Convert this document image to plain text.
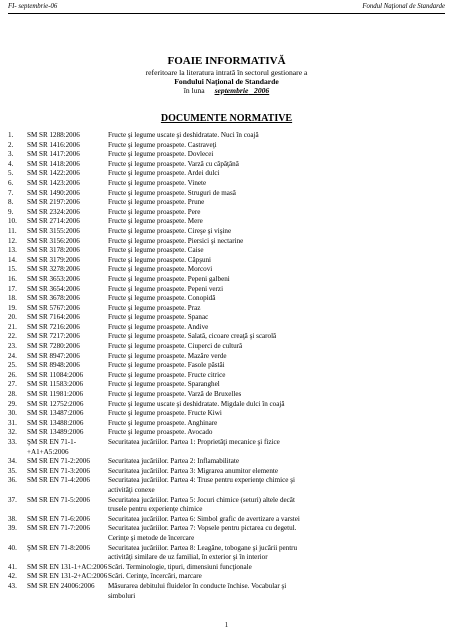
FI- septembrie-06	Fondul Naţional de Standarde
FOAIE INFORMATIVĂ
referitoare la literatura intrată în sectorul gestionare a
Fondului Naţional de Standarde
în luna septembrie 2006
DOCUMENTE NORMATIVE
1.	SM SR 1288:2006	Fructe şi legume uscate şi deshidratate. Nuci în coajă
2.	SM SR 1416:2006	Fructe şi legume proaspete. Castraveţi
3.	SM SR 1417:2006	Fructe şi legume proaspete. Dovlecei
4.	SM SR 1418:2006	Fructe şi legume proaspete. Varză cu căpăţână
5.	SM SR 1422:2006	Fructe şi legume proaspete. Ardei dulci
6.	SM SR 1423:2006	Fructe şi legume proaspete. Vinete
7.	SM SR 1490:2006	Fructe şi legume proaspete. Struguri de masă
8.	SM SR 2197:2006	Fructe şi legume proaspete. Prune
9.	SM SR 2324:2006	Fructe şi legume proaspete. Pere
10.	SM SR 2714:2006	Fructe şi legume proaspete. Mere
11.	SM SR 3155:2006	Fructe şi legume proaspete. Cireşe şi vişine
12.	SM SR 3156:2006	Fructe şi legume proaspete. Piersici şi nectarine
13.	SM SR 3178:2006	Fructe şi legume proaspete. Caise
14.	SM SR 3179:2006	Fructe şi legume proaspete. Căpşuni
15.	SM SR 3278:2006	Fructe şi legume proaspete. Morcovi
16.	SM SR 3653:2006	Fructe şi legume proaspete. Pepeni galbeni
17.	SM SR 3654:2006	Fructe şi legume proaspete. Pepeni verzi
18.	SM SR 3678:2006	Fructe şi legume proaspete. Conopidă
19.	SM SR 5767:2006	Fructe şi legume proaspete. Praz
20.	SM SR 7164:2006	Fructe şi legume proaspete. Spanac
21.	SM SR 7216:2006	Fructe şi legume proaspete. Andive
22.	SM SR 7217:2006	Fructe şi legume proaspete. Salată, cicoare creaţă şi scarolă
23.	SM SR 7280:2006	Fructe şi legume proaspete. Ciuperci de cultură
24.	SM SR 8947:2006	Fructe şi legume proaspete. Mazăre verde
25.	SM SR 8948:2006	Fructe şi legume proaspete. Fasole păstăi
26.	SM SR 11084:2006	Fructe şi legume proaspete. Fructe citrice
27.	SM SR 11583:2006	Fructe şi legume proaspete. Sparanghel
28.	SM SR 11981:2006	Fructe şi legume proaspete. Varză de Bruxelles
29.	SM SR 12752:2006	Fructe şi legume uscate şi deshidratate. Migdale dulci în coajă
30.	SM SR 13487:2006	Fructe şi legume proaspete. Fructe Kiwi
31.	SM SR 13488:2006	Fructe şi legume proaspete. Anghinare
32.	SM SR 13489:2006	Fructe şi legume proaspete. Avocado
33.	ŞM SR EN 71-1-	Securitatea jucăriilor. Partea 1: Proprietăţi mecanice şi fizice
+A1+A5:2006

34.	SM SR EN 71-2:2006	Securitatea jucăriilor. Partea 2: Inflamabilitate
35.	SM SR EN 71-3:2006	Securitatea jucăriilor. Partea 3: Migrarea anumitor elemente
36.	SM SR EN 71-4:2006	Securitatea jucăriilor. Partea 4: Truse pentru experienţe chimice şi
activităţi conexe
37.	SM SR EN 71-5:2006	Securitatea jucăriilor. Partea 5: Jocuri chimice (seturi) altele decât
trusele pentru experienţe chimice
38.	SM SR EN 71-6:2006	Securitatea jucăriilor. Partea 6: Simbol grafic de avertizare a varstei
39.	SM SR EN 71-7:2006	Securitatea jucăriilor. Partea 7: Vopsele pentru pictarea cu degetul.
Cerinţe şi metode de încercare
40.	ŞM SR EN 71-8:2006	Securitatea jucăriilor. Partea 8: Leagăne, tobogane şi jucării pentru
activităţi similare de uz familial, în exterior şi în interior
41.	SM SR EN 131-1+AC:2006 Scări. Terminologie, tipuri, dimensiuni funcţionale
42.	SM SR EN 131-2+AC:2006 Scări. Cerinţe, încercări, marcare
43.	SM SR EN 24006:2006	Măsurarea debitului fluidelor în conducte închise. Vocabular şi
simboluri
1
